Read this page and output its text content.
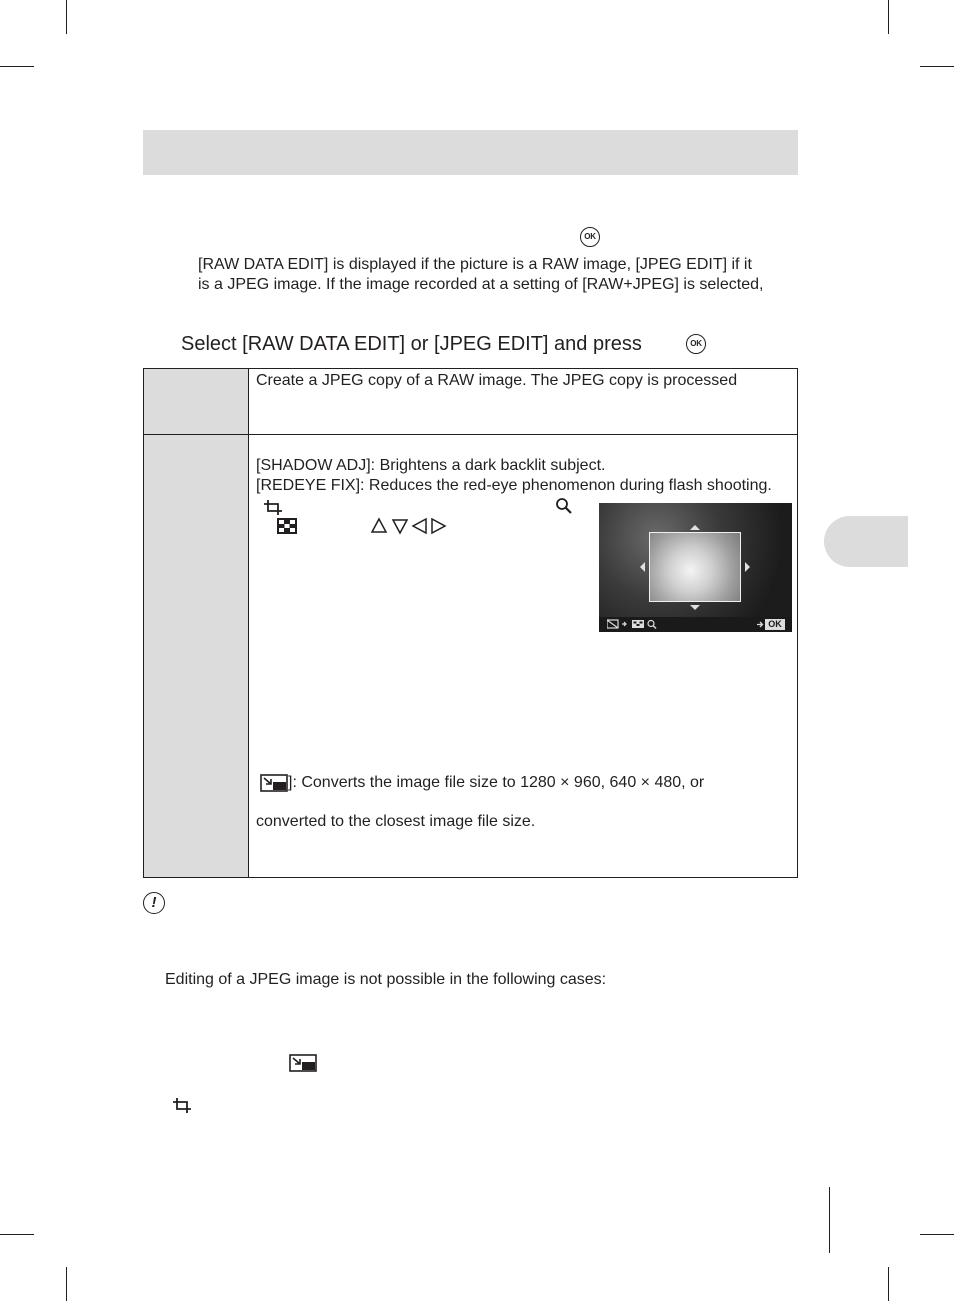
OK
[RAW DATA EDIT] is displayed if the picture is a RAW image, [JPEG EDIT] if it
is a JPEG image. If the image recorded at a setting of [RAW+JPEG] is selected,
Select [RAW DATA EDIT] or [JPEG EDIT] and press	OK
Create a JPEG copy of a RAW image. The JPEG copy is processed
[SHADOW ADJ]: Brightens a dark backlit subject.
[REDEYE FIX]: Reduces the red-eye phenomenon during flash shooting.
OK
]: Converts the image file size to 1280 × 960, 640 × 480, or
converted to the closest image file size.
!
Editing of a JPEG image is not possible in the following cases:
